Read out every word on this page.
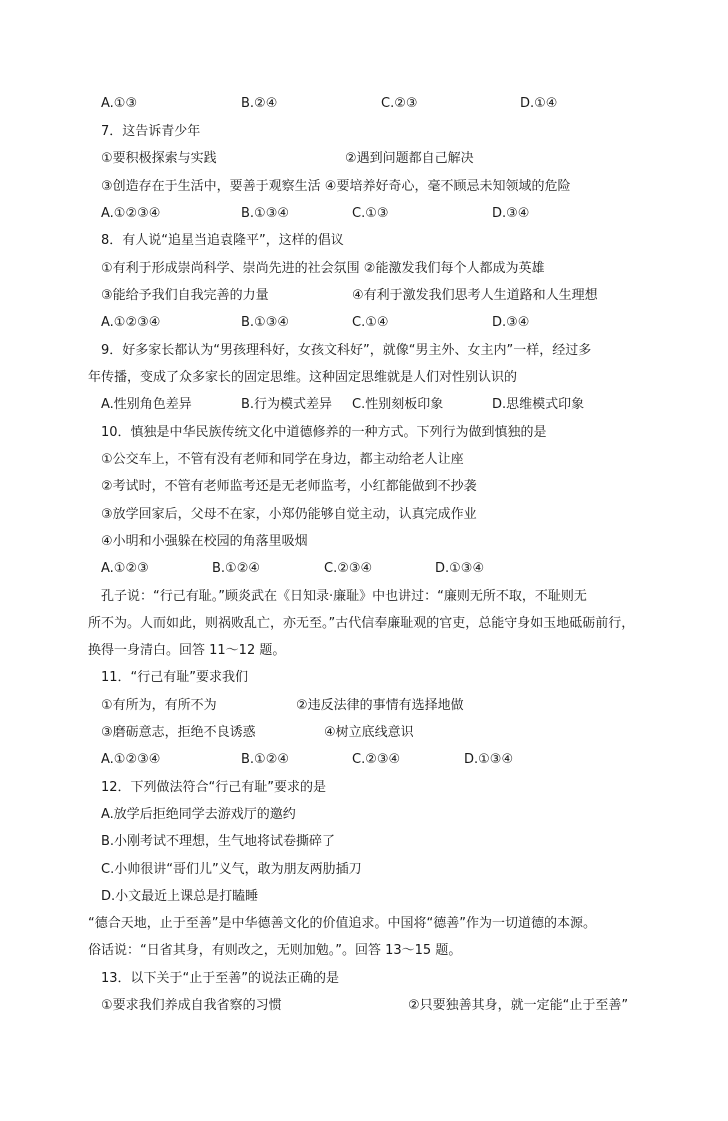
A.①③	B.②④	C.②③	D.①④
7．这告诉青少年
①要积极探索与实践	②遇到问题都自己解决
③创造存在于生活中，要善于观察生活 ④要培养好奇心，毫不顾忌未知领域的危险
A.①②③④	B.①③④	C.①③	D.③④
8．有人说“追星当追袁隆平”，这样的倡议
①有利于形成崇尚科学、崇尚先进的社会氛围 ②能激发我们每个人都成为英雄
③能给予我们自我完善的力量	④有利于激发我们思考人生道路和人生理想
A.①②③④	B.①③④	C.①④	D.③④
9．好多家长都认为“男孩理科好，女孩文科好”，就像“男主外、女主内”一样，经过多
年传播，变成了众多家长的固定思维。这种固定思维就是人们对性别认识的
A.性别角色差异	B.行为模式差异 C.性别刻板印象	D.思维模式印象
10．慎独是中华民族传统文化中道德修养的一种方式。下列行为做到慎独的是
①公交车上，不管有没有老师和同学在身边，都主动给老人让座
②考试时，不管有老师监考还是无老师监考，小红都能做到不抄袭
③放学回家后，父母不在家，小郑仍能够自觉主动，认真完成作业
④小明和小强躲在校园的角落里吸烟
A.①②③	B.①②④	C.②③④	D.①③④
孔子说：“行己有耻。”顾炎武在《日知录·廉耻》中也讲过：“廉则无所不取，不耻则无
所不为。人而如此，则祸败乱亡，亦无至。”古代信奉廉耻观的官吏，总能守身如玉地砥砺前行，
换得一身清白。回答 11～12 题。
11．“行己有耻”要求我们
①有所为，有所不为	②违反法律的事情有选择地做
③磨砺意志，拒绝不良诱惑	④树立底线意识
A.①②③④	B.①②④	C.②③④	D.①③④
12．下列做法符合“行己有耻”要求的是
A.放学后拒绝同学去游戏厅的邀约
B.小刚考试不理想，生气地将试卷撕碎了
C.小帅很讲“哥们儿”义气，敢为朋友两肋插刀
D.小文最近上课总是打瞌睡
“德合天地，止于至善”是中华德善文化的价值追求。中国将“德善”作为一切道德的本源。
俗话说：“日省其身，有则改之，无则加勉。”。回答 13～15 题。
13．以下关于“止于至善”的说法正确的是
①要求我们养成自我省察的习惯	②只要独善其身，就一定能“止于至善”
